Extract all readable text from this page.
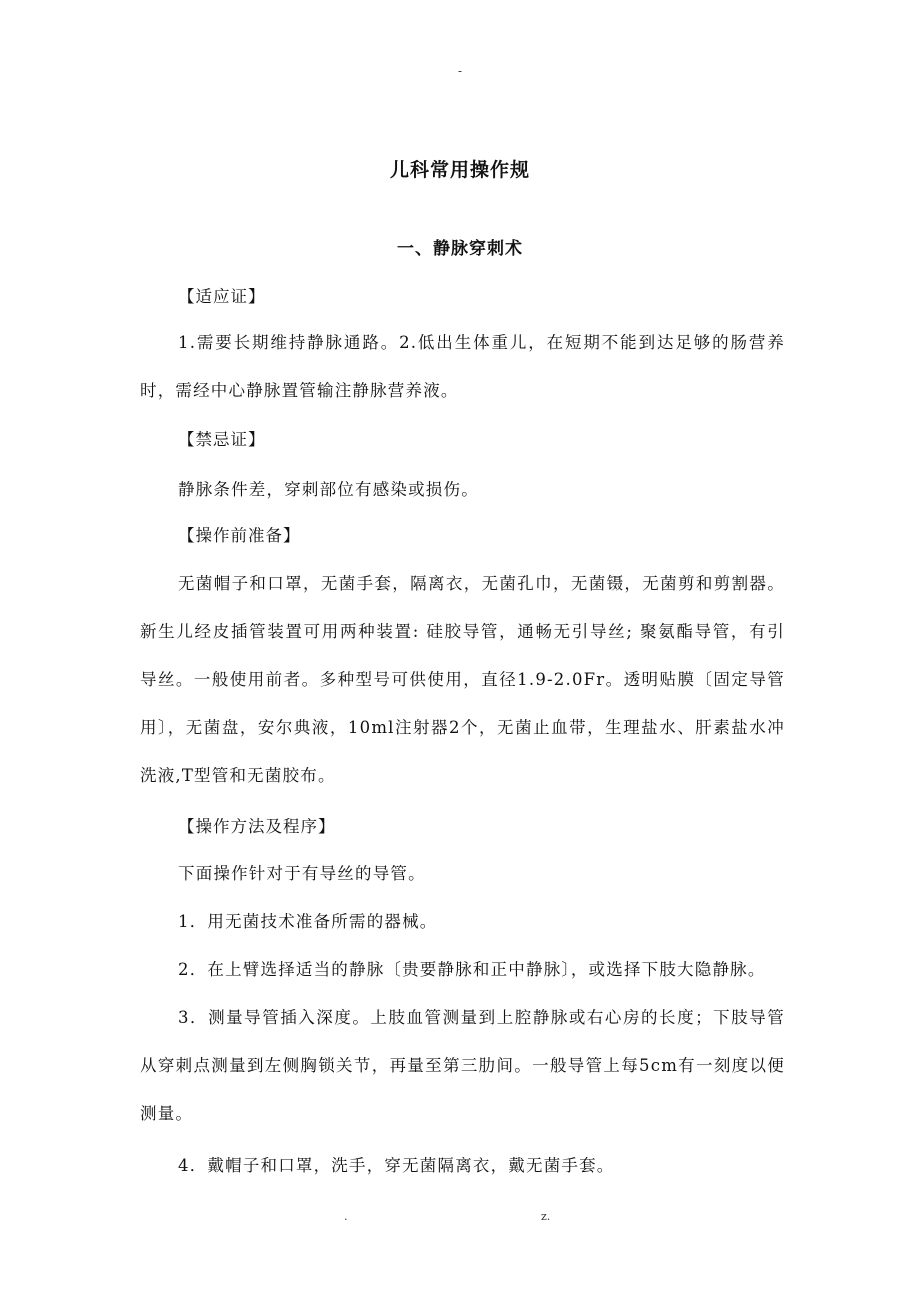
-
儿科常用操作规
一、静脉穿刺术
【适应证】

1.需要长期维持静脉通路。2.低出生体重儿，在短期不能到达足够的肠营养时，需经中心静脉置管输注静脉营养液。

【禁忌证】
静脉条件差，穿刺部位有感染或损伤。
【操作前准备】

无菌帽子和口罩，无菌手套，隔离衣，无菌孔巾，无菌镊，无菌剪和剪割器。新生儿经皮插管装置可用两种装置: 硅胶导管，通畅无引导丝; 聚氨酯导管，有引导丝。一般使用前者。多种型号可供使用，直径1.9-2.0Fr。透明贴膜〔固定导管用〕，无菌盘，安尔典液，10ml注射器2个，无菌止血带，生理盐水、肝素盐水冲洗液,T型管和无菌胶布。

【操作方法及程序】
下面操作针对于有导丝的导管。
1．用无菌技术准备所需的器械。
2．在上臂选择适当的静脉〔贵要静脉和正中静脉〕，或选择下肢大隐静脉。

3．测量导管插入深度。上肢血管测量到上腔静脉或右心房的长度；下肢导管从穿刺点测量到左侧胸锁关节，再量至第三肋间。一般导管上每5cm有一刻度以便测量。

4．戴帽子和口罩，洗手，穿无菌隔离衣，戴无菌手套。
.	z.
